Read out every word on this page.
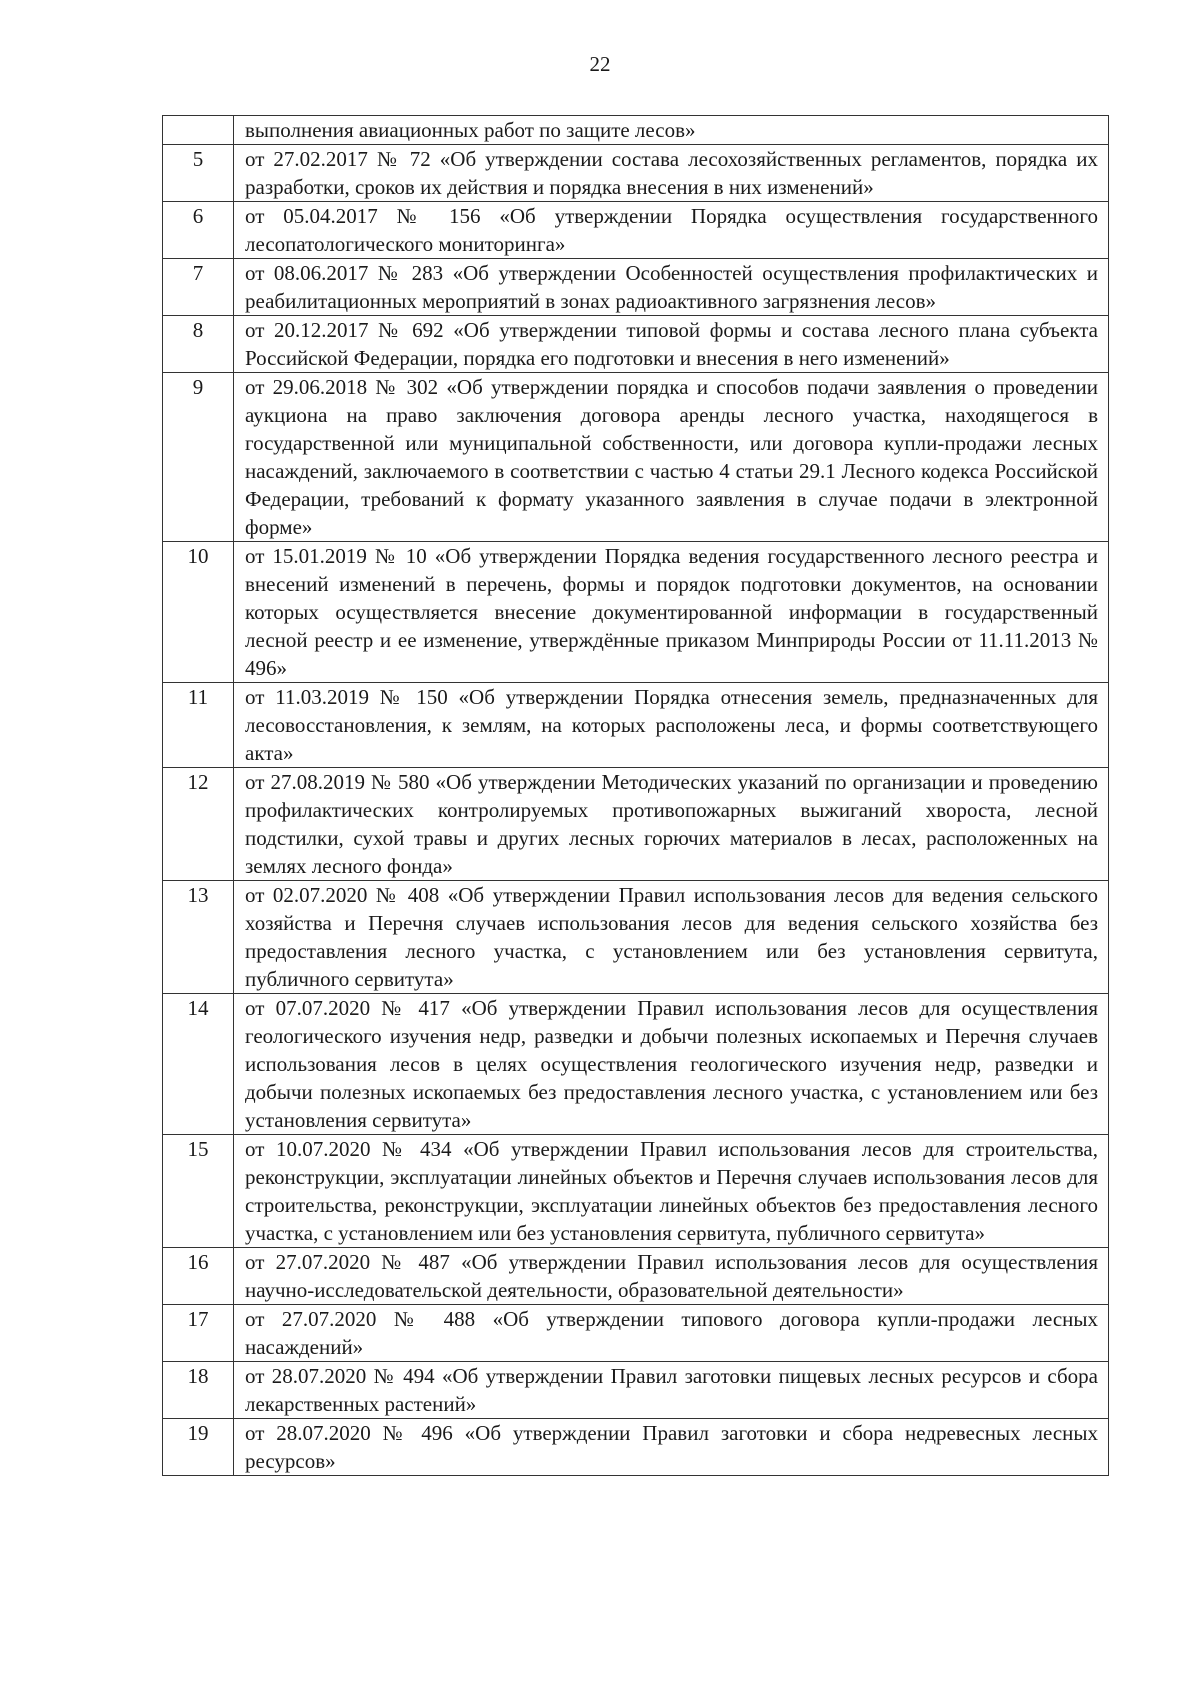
22
	выполнения авиационных работ по защите лесов»
5	от 27.02.2017 № 72 «Об утверждении состава лесохозяйственных регламентов, порядка их разработки, сроков их действия и порядка внесения в них изменений»
6	от 05.04.2017 № 156 «Об утверждении Порядка осуществления государственного лесопатологического мониторинга»
7	от 08.06.2017 № 283 «Об утверждении Особенностей осуществления профилактических и реабилитационных мероприятий в зонах радиоактивного загрязнения лесов»
8	от 20.12.2017 № 692 «Об утверждении типовой формы и состава лесного плана субъекта Российской Федерации, порядка его подготовки и внесения в него изменений»
9	от 29.06.2018 № 302 «Об утверждении порядка и способов подачи заявления о проведении аукциона на право заключения договора аренды лесного участка, находящегося в государственной или муниципальной собственности, или договора купли-продажи лесных насаждений, заключаемого в соответствии с частью 4 статьи 29.1 Лесного кодекса Российской Федерации, требований к формату указанного заявления в случае подачи в электронной форме»
10	от 15.01.2019 № 10 «Об утверждении Порядка ведения государственного лесного реестра и внесений изменений в перечень, формы и порядок подготовки документов, на основании которых осуществляется внесение документированной информации в государственный лесной реестр и ее изменение, утверждённые приказом Минприроды России от 11.11.2013 № 496»
11	от 11.03.2019 № 150 «Об утверждении Порядка отнесения земель, предназначенных для лесовосстановления, к землям, на которых расположены леса, и формы соответствующего акта»
12	от 27.08.2019 № 580 «Об утверждении Методических указаний по организации и проведению профилактических контролируемых противопожарных выжиганий хвороста, лесной подстилки, сухой травы и других лесных горючих материалов в лесах, расположенных на землях лесного фонда»
13	от 02.07.2020 № 408 «Об утверждении Правил использования лесов для ведения сельского хозяйства и Перечня случаев использования лесов для ведения сельского хозяйства без предоставления лесного участка, с установлением или без установления сервитута, публичного сервитута»
14	от 07.07.2020 № 417 «Об утверждении Правил использования лесов для осуществления геологического изучения недр, разведки и добычи полезных ископаемых и Перечня случаев использования лесов в целях осуществления геологического изучения недр, разведки и добычи полезных ископаемых без предоставления лесного участка, с установлением или без установления сервитута»
15	от 10.07.2020 № 434 «Об утверждении Правил использования лесов для строительства, реконструкции, эксплуатации линейных объектов и Перечня случаев использования лесов для строительства, реконструкции, эксплуатации линейных объектов без предоставления лесного участка, с установлением или без установления сервитута, публичного сервитута»
16	от 27.07.2020 № 487 «Об утверждении Правил использования лесов для осуществления научно-исследовательской деятельности, образовательной деятельности»
17	от 27.07.2020 № 488 «Об утверждении типового договора купли-продажи лесных насаждений»
18	от 28.07.2020 № 494 «Об утверждении Правил заготовки пищевых лесных ресурсов и сбора лекарственных растений»
19	от 28.07.2020 № 496 «Об утверждении Правил заготовки и сбора недревесных лесных ресурсов»
